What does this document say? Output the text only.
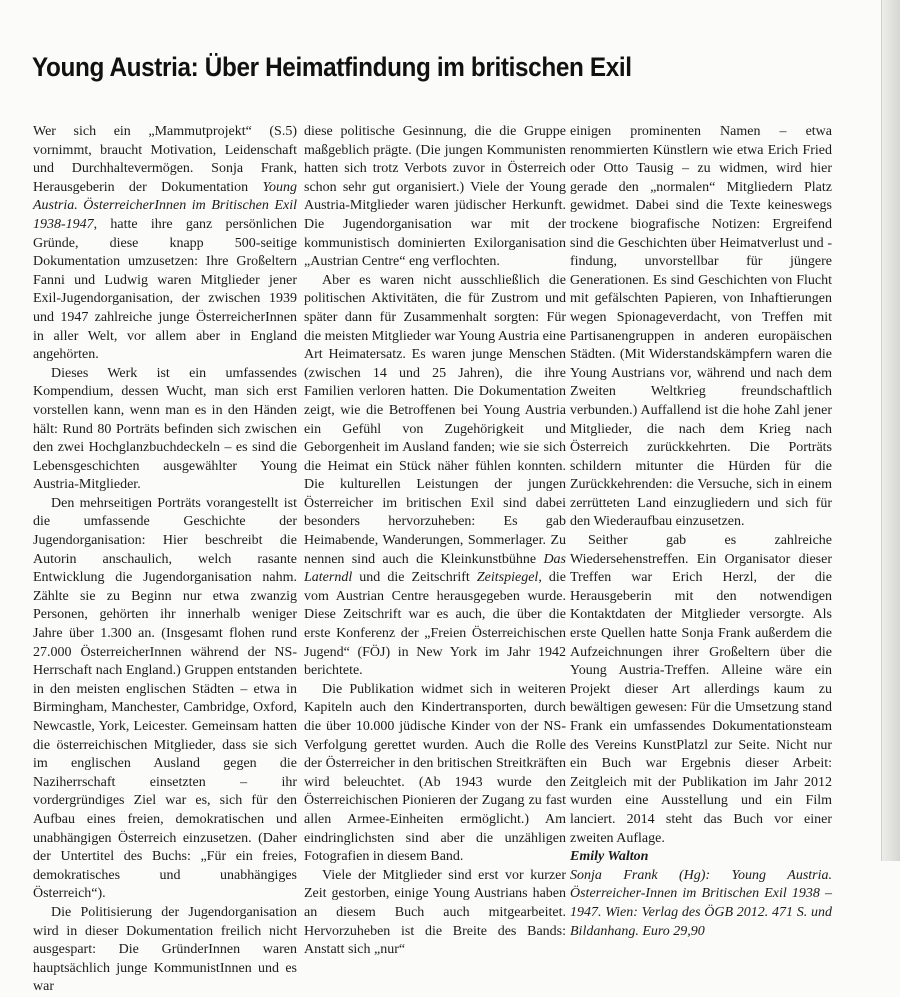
Young Austria: Über Heimatfindung im britischen Exil

Wer sich ein „Mammutprojekt“ (S.5) vornimmt, braucht Motivation, Leidenschaft und Durchhaltevermögen. Sonja Frank, Herausgeberin der Dokumentation Young Austria. ÖsterreicherInnen im Britischen Exil 1938-1947, hatte ihre ganz persönlichen Gründe, diese knapp 500-seitige Dokumentation umzusetzen: Ihre Großeltern Fanni und Ludwig waren Mitglieder jener Exil-Jugendorganisation, der zwischen 1939 und 1947 zahlreiche junge ÖsterreicherInnen in aller Welt, vor allem aber in England angehörten.

Dieses Werk ist ein umfassendes Kompendium, dessen Wucht, man sich erst vorstellen kann, wenn man es in den Händen hält: Rund 80 Porträts befinden sich zwischen den zwei Hochglanzbuchdeckeln – es sind die Lebensgeschichten ausgewählter Young Austria-Mitglieder.

Den mehrseitigen Porträts vorangestellt ist die umfassende Geschichte der Jugendorganisation: Hier beschreibt die Autorin anschaulich, welch rasante Entwicklung die Jugendorganisation nahm. Zählte sie zu Beginn nur etwa zwanzig Personen, gehörten ihr innerhalb weniger Jahre über 1.300 an. (Insgesamt flohen rund 27.000 ÖsterreicherInnen während der NS-Herrschaft nach England.) Gruppen entstanden in den meisten englischen Städten – etwa in Birmingham, Manchester, Cambridge, Oxford, Newcastle, York, Leicester. Gemeinsam hatten die österreichischen Mitglieder, dass sie sich im englischen Ausland gegen die Naziherrschaft einsetzten – ihr vordergründiges Ziel war es, sich für den Aufbau eines freien, demokratischen und unabhängigen Österreich einzusetzen. (Daher der Untertitel des Buchs: „Für ein freies, demokratisches und unabhängiges Österreich“).

Die Politisierung der Jugendorganisation wird in dieser Dokumentation freilich nicht ausgespart: Die GründerInnen waren hauptsächlich junge KommunistInnen und es war

diese politische Gesinnung, die die Gruppe maßgeblich prägte. (Die jungen Kommunisten hatten sich trotz Verbots zuvor in Österreich schon sehr gut organisiert.) Viele der Young Austria-Mitglieder waren jüdischer Herkunft. Die Jugendorganisation war mit der kommunistisch dominierten Exilorganisation „Austrian Centre“ eng verflochten.

Aber es waren nicht ausschließlich die politischen Aktivitäten, die für Zustrom und später dann für Zusammenhalt sorgten: Für die meisten Mitglieder war Young Austria eine Art Heimatersatz. Es waren junge Menschen (zwischen 14 und 25 Jahren), die ihre Familien verloren hatten. Die Dokumentation zeigt, wie die Betroffenen bei Young Austria ein Gefühl von Zugehörigkeit und Geborgenheit im Ausland fanden; wie sie sich die Heimat ein Stück näher fühlen konnten. Die kulturellen Leistungen der jungen Österreicher im britischen Exil sind dabei besonders hervorzuheben: Es gab Heimabende, Wanderungen, Sommerlager. Zu nennen sind auch die Kleinkunstbühne Das Laterndl und die Zeitschrift Zeitspiegel, die vom Austrian Centre herausgegeben wurde. Diese Zeitschrift war es auch, die über die erste Konferenz der „Freien Österreichischen Jugend“ (FÖJ) in New York im Jahr 1942 berichtete.

Die Publikation widmet sich in weiteren Kapiteln auch den Kindertransporten, durch die über 10.000 jüdische Kinder von der NS-Verfolgung gerettet wurden. Auch die Rolle der Österreicher in den britischen Streitkräften wird beleuchtet. (Ab 1943 wurde den Österreichischen Pionieren der Zugang zu fast allen Armee-Einheiten ermöglicht.) Am eindringlichsten sind aber die unzähligen Fotografien in diesem Band.

Viele der Mitglieder sind erst vor kurzer Zeit gestorben, einige Young Austrians haben an diesem Buch auch mitgearbeitet. Hervorzuheben ist die Breite des Bands: Anstatt sich „nur“

einigen prominenten Namen – etwa renommierten Künstlern wie etwa Erich Fried oder Otto Tausig – zu widmen, wird hier gerade den „normalen“ Mitgliedern Platz gewidmet. Dabei sind die Texte keineswegs trockene biografische Notizen: Ergreifend sind die Geschichten über Heimatverlust und -findung, unvorstellbar für jüngere Generationen. Es sind Geschichten von Flucht mit gefälschten Papieren, von Inhaftierungen wegen Spionageverdacht, von Treffen mit Partisanengruppen in anderen europäischen Städten. (Mit Widerstandskämpfern waren die Young Austrians vor, während und nach dem Zweiten Weltkrieg freundschaftlich verbunden.) Auffallend ist die hohe Zahl jener Mitglieder, die nach dem Krieg nach Österreich zurückkehrten. Die Porträts schildern mitunter die Hürden für die Zurückkehrenden: die Versuche, sich in einem zerrütteten Land einzugliedern und sich für den Wiederaufbau einzusetzen.

Seither gab es zahlreiche Wiedersehenstreffen. Ein Organisator dieser Treffen war Erich Herzl, der die Herausgeberin mit den notwendigen Kontaktdaten der Mitglieder versorgte. Als erste Quellen hatte Sonja Frank außerdem die Aufzeichnungen ihrer Großeltern über die Young Austria-Treffen. Alleine wäre ein Projekt dieser Art allerdings kaum zu bewältigen gewesen: Für die Umsetzung stand Frank ein umfassendes Dokumentationsteam des Vereins KunstPlatzl zur Seite. Nicht nur ein Buch war Ergebnis dieser Arbeit: Zeitgleich mit der Publikation im Jahr 2012 wurden eine Ausstellung und ein Film lanciert. 2014 steht das Buch vor einer zweiten Auflage.

Emily Walton

Sonja Frank (Hg): Young Austria. Österreicher-Innen im Britischen Exil 1938 – 1947. Wien: Verlag des ÖGB 2012. 471 S. und Bildanhang. Euro 29,90
